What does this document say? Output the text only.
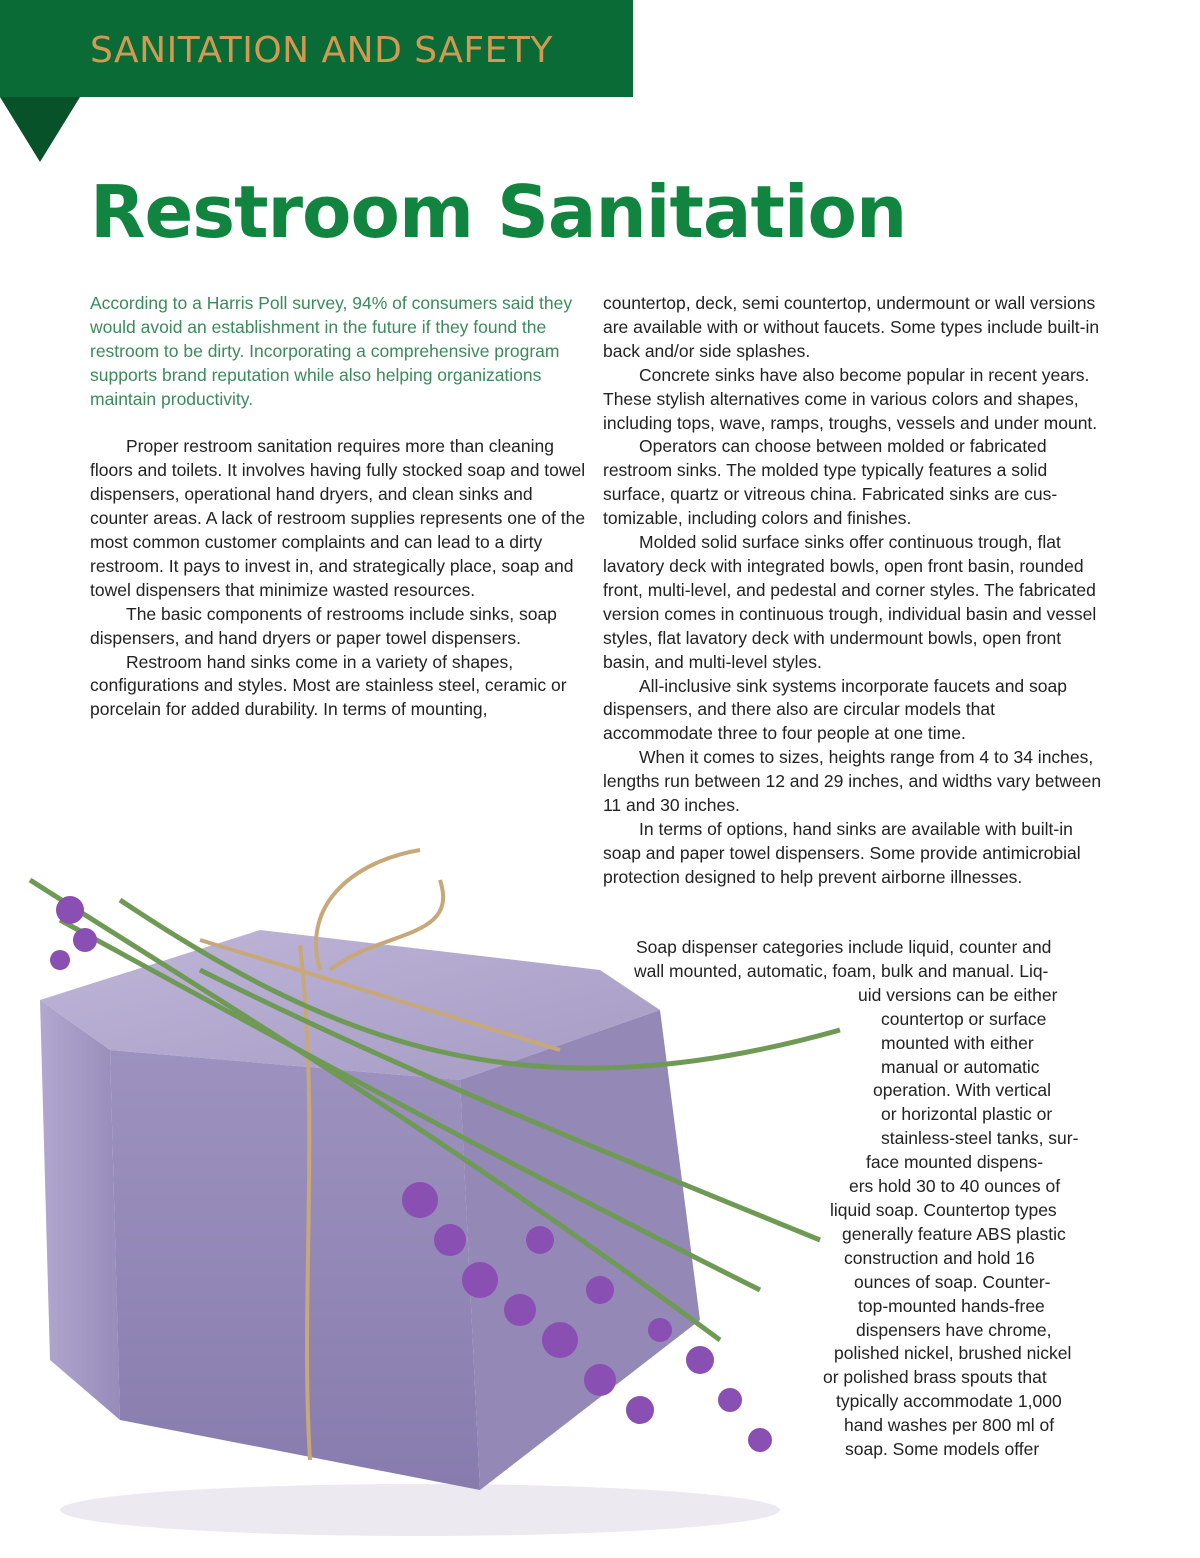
SANITATION AND SAFETY
Restroom Sanitation

According to a Harris Poll survey, 94% of consumers said they would avoid an establishment in the future if they found the restroom to be dirty. Incorporating a comprehensive program supports brand reputation while also helping organizations maintain productivity.

Proper restroom sanitation requires more than cleaning floors and toilets. It involves having fully stocked soap and towel dispensers, operational hand dryers, and clean sinks and counter areas. A lack of restroom supplies represents one of the most common customer complaints and can lead to a dirty restroom. It pays to invest in, and strategically place, soap and towel dispensers that minimize wasted resources.

The basic components of restrooms include sinks, soap dispensers, and hand dryers or paper towel dispensers.

Restroom hand sinks come in a variety of shapes, configurations and styles. Most are stainless steel, ceramic or porcelain for added durability. In terms of mounting,

countertop, deck, semi countertop, undermount or wall versions are available with or without faucets. Some types include built-in back and/or side splashes.

Concrete sinks have also become popular in recent years. These stylish alternatives come in various colors and shapes, including tops, wave, ramps, troughs, vessels and under mount.

Operators can choose between molded or fabricated restroom sinks. The molded type typically features a solid surface, quartz or vitreous china. Fabricated sinks are customizable, including colors and finishes.

Molded solid surface sinks offer continuous trough, flat lavatory deck with integrated bowls, open front basin, rounded front, multi-level, and pedestal and corner styles. The fabricated version comes in continuous trough, individual basin and vessel styles, flat lavatory deck with undermount bowls, open front basin, and multi-level styles.

All-inclusive sink systems incorporate faucets and soap dispensers, and there also are circular models that accommodate three to four people at one time.

When it comes to sizes, heights range from 4 to 34 inches, lengths run between 12 and 29 inches, and widths vary between 11 and 30 inches.

In terms of options, hand sinks are available with built-in soap and paper towel dispensers. Some provide antimicrobial protection designed to help prevent airborne illnesses.

Soap dispenser categories include liquid, counter and
wall mounted, automatic, foam, bulk and manual. Liq-
uid versions can be either
countertop or surface
mounted with either
manual or automatic
operation. With vertical
or horizontal plastic or
stainless-steel tanks, sur-
face mounted dispens-
ers hold 30 to 40 ounces of
liquid soap. Countertop types
generally feature ABS plastic
construction and hold 16
ounces of soap. Counter-
top-mounted hands-free
dispensers have chrome,
polished nickel, brushed nickel
or polished brass spouts that
typically accommodate 1,000
hand washes per 800 ml of
soap. Some models offer
